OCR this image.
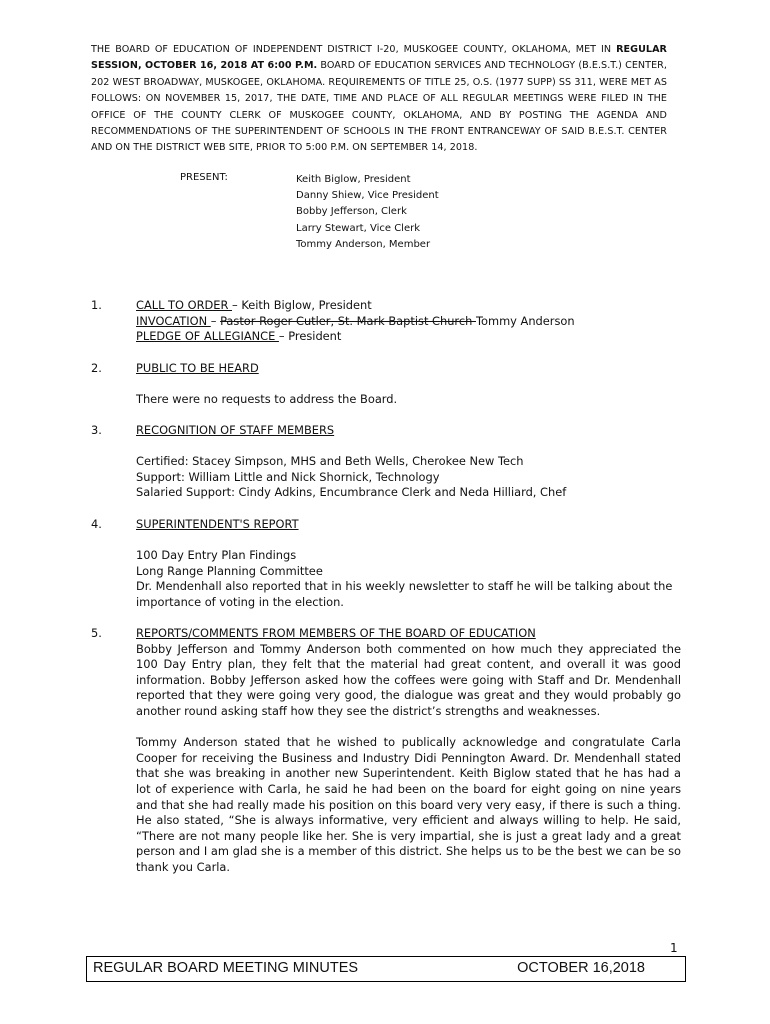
THE BOARD OF EDUCATION OF INDEPENDENT DISTRICT I-20, MUSKOGEE COUNTY, OKLAHOMA, MET IN REGULAR SESSION, OCTOBER 16, 2018 AT 6:00 P.M. BOARD OF EDUCATION SERVICES AND TECHNOLOGY (B.E.S.T.) CENTER, 202 WEST BROADWAY, MUSKOGEE, OKLAHOMA. REQUIREMENTS OF TITLE 25, O.S. (1977 SUPP) SS 311, WERE MET AS FOLLOWS: ON NOVEMBER 15, 2017, THE DATE, TIME AND PLACE OF ALL REGULAR MEETINGS WERE FILED IN THE OFFICE OF THE COUNTY CLERK OF MUSKOGEE COUNTY, OKLAHOMA, AND BY POSTING THE AGENDA AND RECOMMENDATIONS OF THE SUPERINTENDENT OF SCHOOLS IN THE FRONT ENTRANCEWAY OF SAID B.E.S.T. CENTER AND ON THE DISTRICT WEB SITE, PRIOR TO 5:00 P.M. ON SEPTEMBER 14, 2018.
PRESENT:	Keith Biglow, President
Danny Shiew, Vice President
Bobby Jefferson, Clerk
Larry Stewart, Vice Clerk
Tommy Anderson, Member
1.	CALL TO ORDER – Keith Biglow, President
INVOCATION – Pastor Roger Cutler, St. Mark Baptist Church Tommy Anderson
PLEDGE OF ALLEGIANCE – President
2.	PUBLIC TO BE HEARD
There were no requests to address the Board.
3.	RECOGNITION OF STAFF MEMBERS
Certified: Stacey Simpson, MHS and Beth Wells, Cherokee New Tech
Support: William Little and Nick Shornick, Technology
Salaried Support: Cindy Adkins, Encumbrance Clerk and Neda Hilliard, Chef
4.	SUPERINTENDENT'S REPORT
100 Day Entry Plan Findings
Long Range Planning Committee
Dr. Mendenhall also reported that in his weekly newsletter to staff he will be talking about the importance of voting in the election.
5.	REPORTS/COMMENTS FROM MEMBERS OF THE BOARD OF EDUCATION
Bobby Jefferson and Tommy Anderson both commented on how much they appreciated the 100 Day Entry plan, they felt that the material had great content, and overall it was good information. Bobby Jefferson asked how the coffees were going with Staff and Dr. Mendenhall reported that they were going very good, the dialogue was great and they would probably go another round asking staff how they see the district’s strengths and weaknesses.
Tommy Anderson stated that he wished to publically acknowledge and congratulate Carla Cooper for receiving the Business and Industry Didi Pennington Award. Dr. Mendenhall stated that she was breaking in another new Superintendent. Keith Biglow stated that he has had a lot of experience with Carla, he said he had been on the board for eight going on nine years and that she had really made his position on this board very very easy, if there is such a thing. He also stated, “She is always informative, very efficient and always willing to help. He said, “There are not many people like her. She is very impartial, she is just a great lady and a great person and I am glad she is a member of this district. She helps us to be the best we can be so thank you Carla.
1
REGULAR BOARD MEETING MINUTES	OCTOBER 16,2018
